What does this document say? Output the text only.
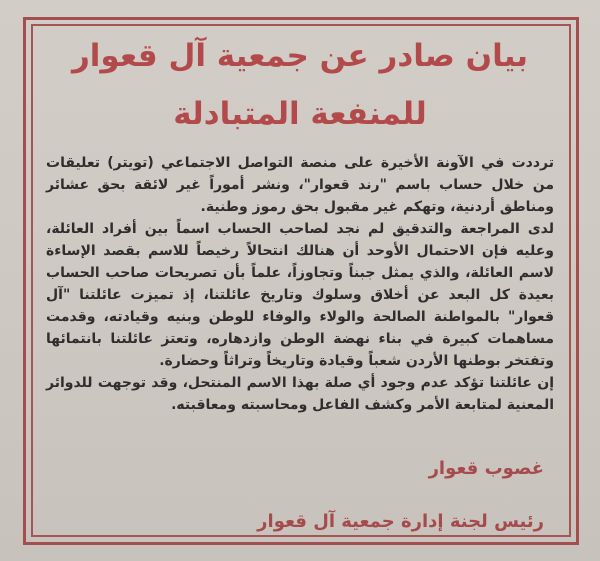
بيان صادر عن جمعية آل قعوار
للمنفعة المتبادلة

ترددت في الآونة الأخيرة على منصة التواصل الاجتماعي (تويتر) تعليقات من خلال حساب باسم "رند قعوار"، ونشر أموراً غير لائقة بحق عشائر ومناطق أردنية، وتهكم غير مقبول بحق رموز وطنية.

لدى المراجعة والتدقيق لم نجد لصاحب الحساب اسماً بين أفراد العائلة، وعليه فإن الاحتمال الأوحد أن هنالك انتحالاً رخيصاً للاسم بقصد الإساءة لاسم العائلة، والذي يمثل جبناً وتجاوزاً، علماً بأن تصريحات صاحب الحساب بعيدة كل البعد عن أخلاق وسلوك وتاريخ عائلتنا، إذ تميزت عائلتنا "آل قعوار" بالمواطنة الصالحة والولاء والوفاء للوطن وبنيه وقيادته، وقدمت مساهمات كبيرة في بناء نهضة الوطن وازدهاره، وتعتز عائلتنا بانتمائها وتفتخر بوطنها الأردن شعباً وقيادة وتاريخاً وتراثاً وحضارة.

إن عائلتنا تؤكد عدم وجود أي صلة بهذا الاسم المنتحل، وقد توجهت للدوائر المعنية لمتابعة الأمر وكشف الفاعل ومحاسبته ومعاقبته.

غصوب قعوار
رئيس لجنة إدارة جمعية آل قعوار
